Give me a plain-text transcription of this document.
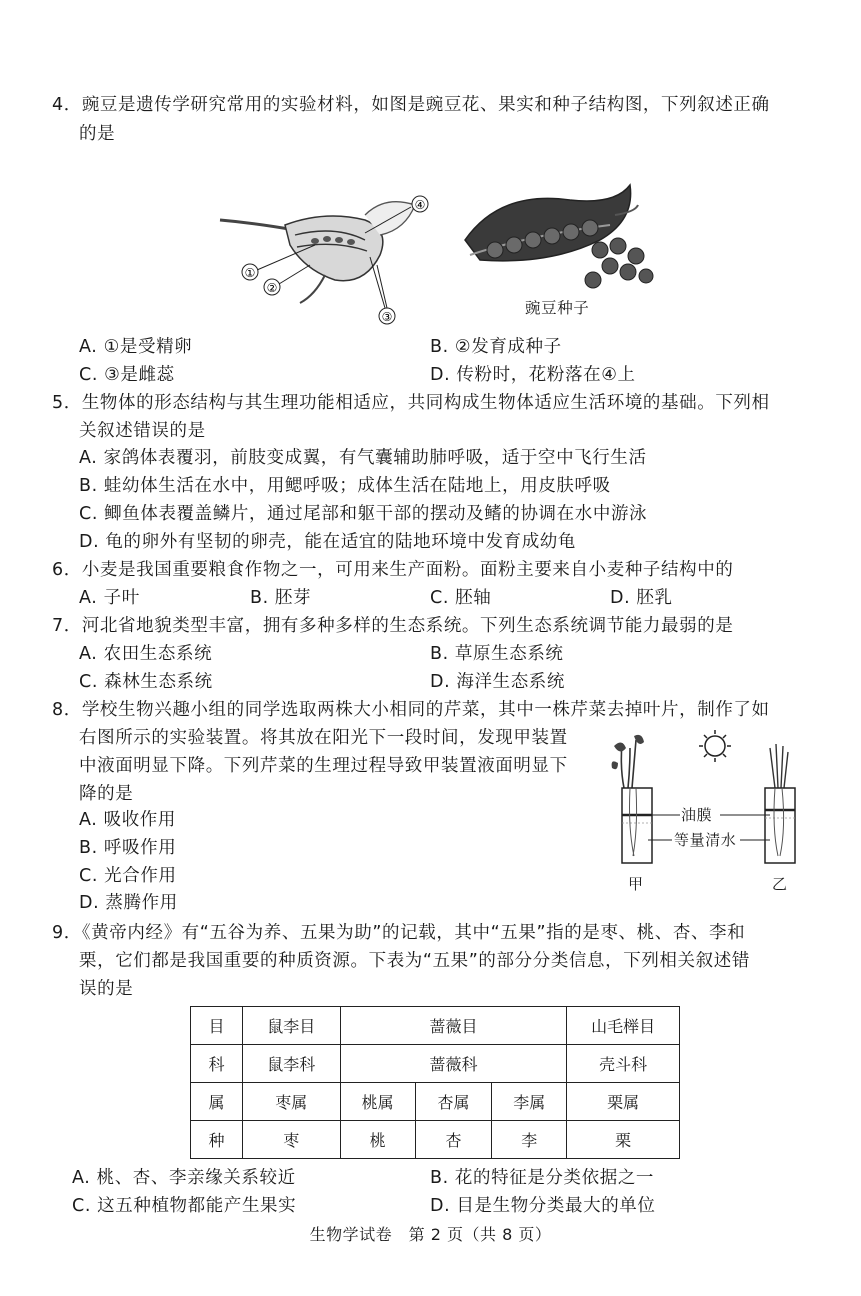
4．豌豆是遗传学研究常用的实验材料，如图是豌豆花、果实和种子结构图，下列叙述正确
的是
④
①
②
③	豌豆种子
A. ①是受精卵	B. ②发育成种子
C. ③是雌蕊	D. 传粉时，花粉落在④上
5．生物体的形态结构与其生理功能相适应，共同构成生物体适应生活环境的基础。下列相
关叙述错误的是
A. 家鸽体表覆羽，前肢变成翼，有气囊辅助肺呼吸，适于空中飞行生活
B. 蛙幼体生活在水中，用鳃呼吸；成体生活在陆地上，用皮肤呼吸
C. 鲫鱼体表覆盖鳞片，通过尾部和躯干部的摆动及鳍的协调在水中游泳
D. 龟的卵外有坚韧的卵壳，能在适宜的陆地环境中发育成幼龟
6．小麦是我国重要粮食作物之一，可用来生产面粉。面粉主要来自小麦种子结构中的
A. 子叶	B. 胚芽	C. 胚轴	D. 胚乳
7．河北省地貌类型丰富，拥有多种多样的生态系统。下列生态系统调节能力最弱的是
A. 农田生态系统	B. 草原生态系统
C. 森林生态系统	D. 海洋生态系统
8．学校生物兴趣小组的同学选取两株大小相同的芹菜，其中一株芹菜去掉叶片，制作了如
右图所示的实验装置。将其放在阳光下一段时间，发现甲装置
中液面明显下降。下列芹菜的生理过程导致甲装置液面明显下
降的是
A. 吸收作用
B. 呼吸作用
C. 光合作用
D. 蒸腾作用
油膜
等量清水
甲	乙
9．《黄帝内经》有“五谷为养、五果为助”的记载，其中“五果”指的是枣、桃、杏、李和
栗，它们都是我国重要的种质资源。下表为“五果”的部分分类信息，下列相关叙述错
误的是
目	鼠李目	蔷薇目			山毛榉目
科	鼠李科	蔷薇科			壳斗科
属	枣属	桃属	杏属	李属	栗属
种	枣	桃	杏	李	栗
A. 桃、杏、李亲缘关系较近	B. 花的特征是分类依据之一
C. 这五种植物都能产生果实	D. 目是生物分类最大的单位
生物学试卷　第 2 页（共 8 页）
